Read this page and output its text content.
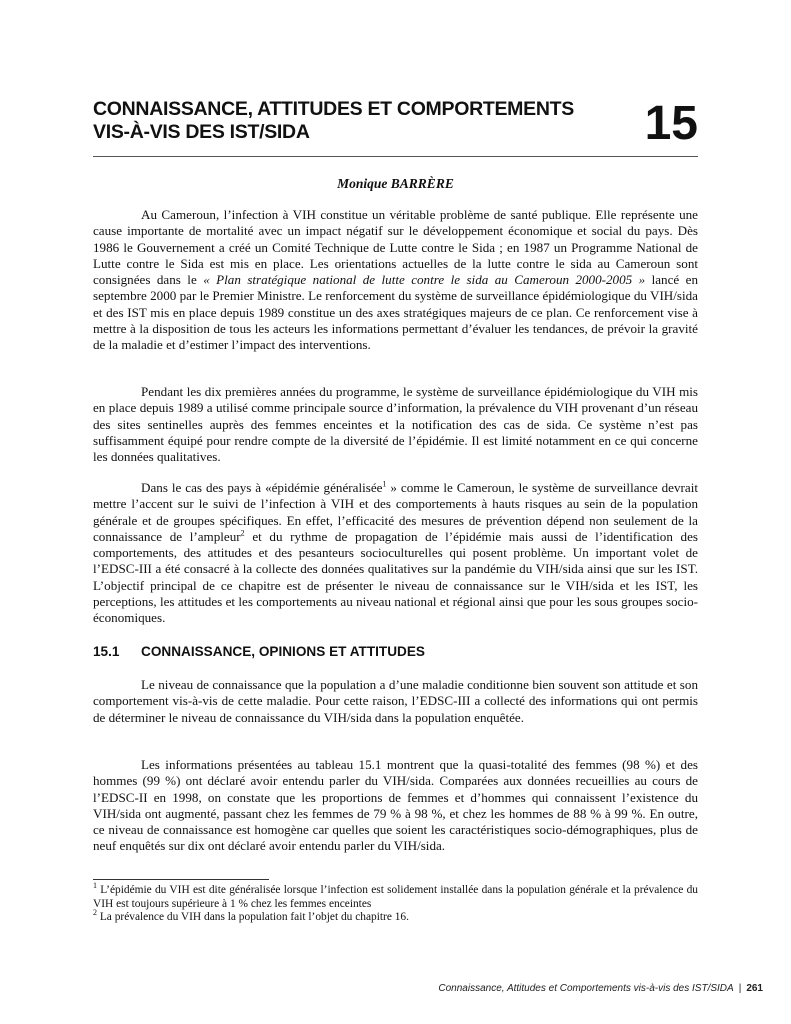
CONNAISSANCE, ATTITUDES ET COMPORTEMENTS
VIS-À-VIS DES IST/SIDA	15

Monique BARRÈRE

Au Cameroun, l’infection à VIH constitue un véritable problème de santé publique. Elle représente une cause importante de mortalité avec un impact négatif sur le développement économique et social du pays. Dès 1986 le Gouvernement a créé un Comité Technique de Lutte contre le Sida ; en 1987 un Programme National de Lutte contre le Sida est mis en place. Les orientations actuelles de la lutte contre le sida au Cameroun sont consignées dans le « Plan stratégique national de lutte contre le sida au Cameroun 2000-2005 » lancé en septembre 2000 par le Premier Ministre. Le renforcement du système de surveillance épidémiologique du VIH/sida et des IST mis en place depuis 1989 constitue un des axes stratégiques majeurs de ce plan. Ce renforcement vise à mettre à la disposition de tous les acteurs les informations permettant d’évaluer les tendances, de prévoir la gravité de la maladie et d’estimer l’impact des interventions.

Pendant les dix premières années du programme, le système de surveillance épidémiologique du VIH mis en place depuis 1989 a utilisé comme principale source d’information, la prévalence du VIH provenant d’un réseau des sites sentinelles auprès des femmes enceintes et la notification des cas de sida. Ce système n’est pas suffisamment équipé pour rendre compte de la diversité de l’épidémie. Il est limité notamment en ce qui concerne les données qualitatives.

Dans le cas des pays à «épidémie généralisée$^1$ » comme le Cameroun, le système de surveillance devrait mettre l’accent sur le suivi de l’infection à VIH et des comportements à hauts risques au sein de la population générale et de groupes spécifiques. En effet, l’efficacité des mesures de prévention dépend non seulement de la connaissance de l’ampleur$^2$ et du rythme de propagation de l’épidémie mais aussi de l’identification des comportements, des attitudes et des pesanteurs socioculturelles qui posent problème. Un important volet de l’EDSC-III a été consacré à la collecte des données qualitatives sur la pandémie du VIH/sida ainsi que sur les IST. L’objectif principal de ce chapitre est de présenter le niveau de connaissance sur le VIH/sida et les IST, les perceptions, les attitudes et les comportements au niveau national et régional ainsi que pour les sous groupes socio-économiques.

15.1 CONNAISSANCE, OPINIONS ET ATTITUDES

Le niveau de connaissance que la population a d’une maladie conditionne bien souvent son attitude et son comportement vis-à-vis de cette maladie. Pour cette raison, l’EDSC-III a collecté des informations qui ont permis de déterminer le niveau de connaissance du VIH/sida dans la population enquêtée.

Les informations présentées au tableau 15.1 montrent que la quasi-totalité des femmes (98 %) et des hommes (99 %) ont déclaré avoir entendu parler du VIH/sida. Comparées aux données recueillies au cours de l’EDSC-II en 1998, on constate que les proportions de femmes et d’hommes qui connaissent l’existence du VIH/sida ont augmenté, passant chez les femmes de 79 % à 98 %, et chez les hommes de 88 % à 99 %. En outre, ce niveau de connaissance est homogène car quelles que soient les caractéristiques socio-démographiques, plus de neuf enquêtés sur dix ont déclaré avoir entendu parler du VIH/sida.

$^1$ L’épidémie du VIH est dite généralisée lorsque l’infection est solidement installée dans la population générale et la prévalence du VIH est toujours supérieure à 1 % chez les femmes enceintes

$^2$ La prévalence du VIH dans la population fait l’objet du chapitre 16.

Connaissance, Attitudes et Comportements vis-à-vis des IST/SIDA | 261
